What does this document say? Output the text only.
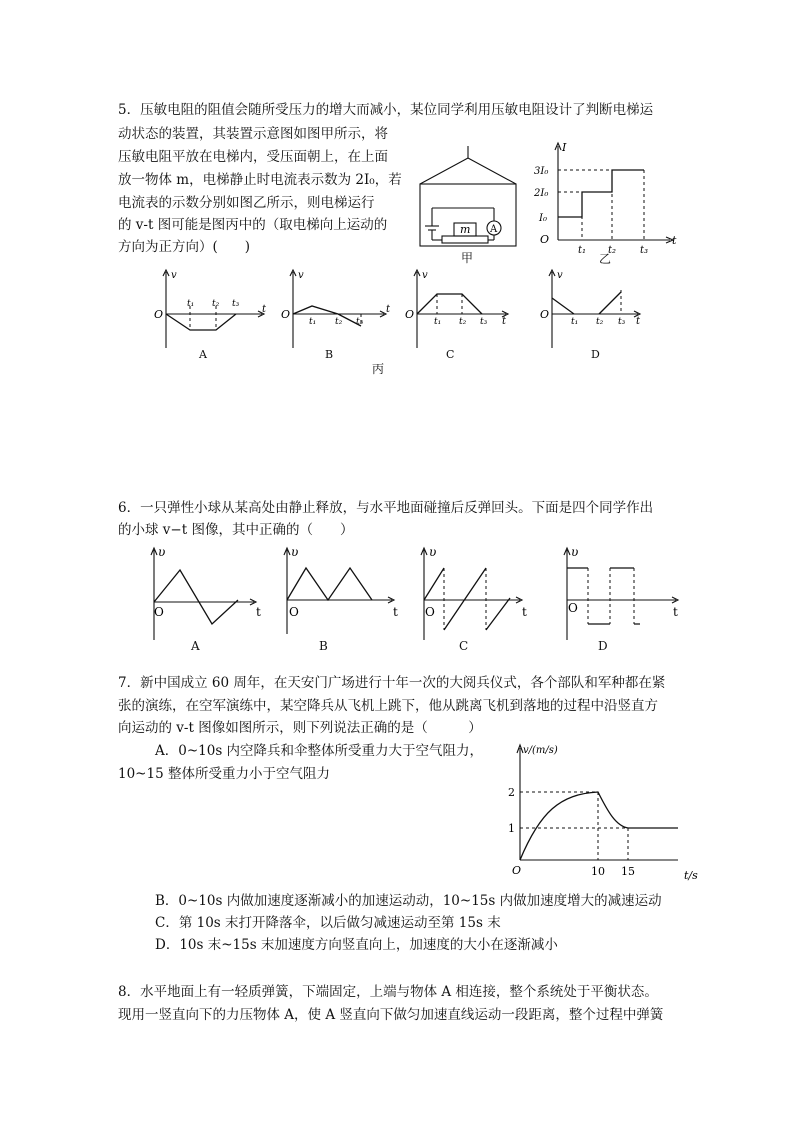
5．压敏电阻的阻值会随所受压力的增大而减小，某位同学利用压敏电阻设计了判断电梯运
动状态的装置，其装置示意图如图甲所示，将
压敏电阻平放在电梯内，受压面朝上，在上面
放一物体 m，电梯静止时电流表示数为 2I₀，若
电流表的示数分别如图乙所示，则电梯运行
的 v-t 图可能是图丙中的（取电梯向上运动的
方向为正方向）(　　)
A
m
甲
I
3I₀
2I₀
I₀
O
t₁ t₂ t₃
t
乙
v
O
t₁ t₂ t₃ t
v
O
t₁ t₂ t₃
t
v
O
t₁ t₂ t₃ t
v
O
t₁ t₂ t₃ t
A	B	C	D
丙
6．一只弹性小球从某高处由静止释放，与水平地面碰撞后反弹回头。下面是四个同学作出
的小球 v−t 图像，其中正确的（　　）
υ
O	t
υ
O	t
υ
O	t
υ
O	t
A	B	C	D
7．新中国成立 60 周年，在天安门广场进行十年一次的大阅兵仪式，各个部队和军种都在紧
张的演练，在空军演练中，某空降兵从飞机上跳下，他从跳离飞机到落地的过程中沿竖直方
向运动的 v-t 图像如图所示，则下列说法正确的是（　　　）
A．0~10s 内空降兵和伞整体所受重力大于空气阻力，
10~15 整体所受重力小于空气阻力
v/(m/s)
2
1
O	10 15	t/s
B．0~10s 内做加速度逐渐减小的加速运动动，10~15s 内做加速度增大的减速运动
C．第 10s 末打开降落伞，以后做匀减速运动至第 15s 末
D．10s 末~15s 末加速度方向竖直向上，加速度的大小在逐渐减小
8．水平地面上有一轻质弹簧，下端固定，上端与物体 A 相连接，整个系统处于平衡状态。
现用一竖直向下的力压物体 A，使 A 竖直向下做匀加速直线运动一段距离，整个过程中弹簧
